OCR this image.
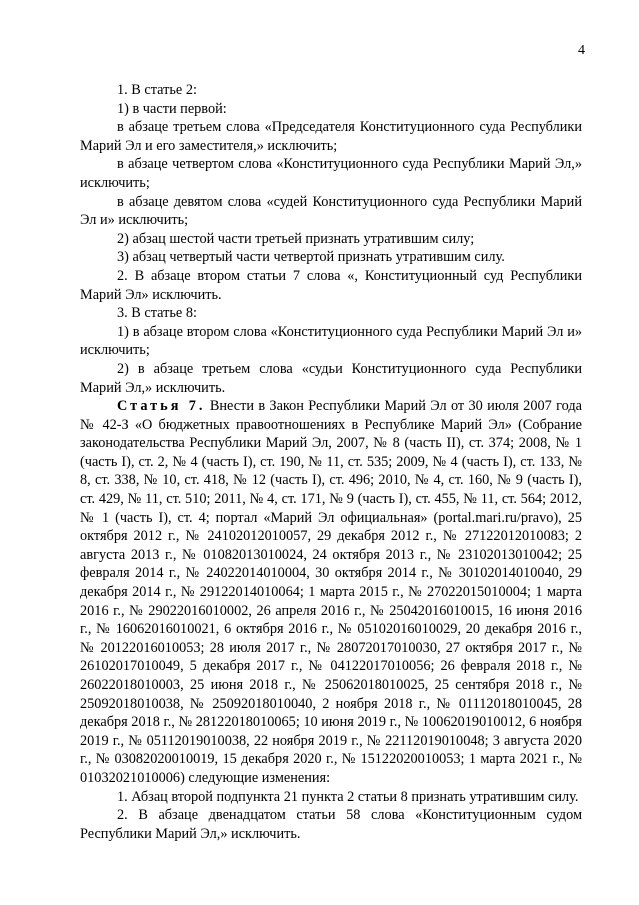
4

1. В статье 2:

1) в части первой:

в абзаце третьем слова «Председателя Конституционного суда Республики Марий Эл и его заместителя,» исключить;

в абзаце четвертом слова «Конституционного суда Республики Марий Эл,» исключить;

в абзаце девятом слова «судей Конституционного суда Республики Марий Эл и» исключить;

2) абзац шестой части третьей признать утратившим силу;

3) абзац четвертый части четвертой признать утратившим силу.

2. В абзаце втором статьи 7 слова «, Конституционный суд Республики Марий Эл» исключить.

3. В статье 8:

1) в абзаце втором слова «Конституционного суда Республики Марий Эл и» исключить;

2) в абзаце третьем слова «судьи Конституционного суда Республики Марий Эл,» исключить.

Статья 7. Внести в Закон Республики Марий Эл от 30 июля 2007 года № 42-З «О бюджетных правоотношениях в Республике Марий Эл» (Собрание законодательства Республики Марий Эл, 2007, № 8 (часть II), ст. 374; 2008, № 1 (часть I), ст. 2, № 4 (часть I), ст. 190, № 11, ст. 535; 2009, № 4 (часть I), ст. 133, № 8, ст. 338, № 10, ст. 418, № 12 (часть I), ст. 496; 2010, № 4, ст. 160, № 9 (часть I), ст. 429, № 11, ст. 510; 2011, № 4, ст. 171, № 9 (часть I), ст. 455, № 11, ст. 564; 2012, № 1 (часть I), ст. 4; портал «Марий Эл официальная» (portal.mari.ru/pravo), 25 октября 2012 г., № 24102012010057, 29 декабря 2012 г., № 27122012010083; 2 августа 2013 г., № 01082013010024, 24 октября 2013 г., № 23102013010042; 25 февраля 2014 г., № 24022014010004, 30 октября 2014 г., № 30102014010040, 29 декабря 2014 г., № 29122014010064; 1 марта 2015 г., № 27022015010004; 1 марта 2016 г., № 29022016010002, 26 апреля 2016 г., № 25042016010015, 16 июня 2016 г., № 16062016010021, 6 октября 2016 г., № 05102016010029, 20 декабря 2016 г., № 20122016010053; 28 июля 2017 г., № 28072017010030, 27 октября 2017 г., № 26102017010049, 5 декабря 2017 г., № 04122017010056; 26 февраля 2018 г., № 26022018010003, 25 июня 2018 г., № 25062018010025, 25 сентября 2018 г., № 25092018010038, № 25092018010040, 2 ноября 2018 г., № 01112018010045, 28 декабря 2018 г., № 28122018010065; 10 июня 2019 г., № 10062019010012, 6 ноября 2019 г., № 05112019010038, 22 ноября 2019 г., № 22112019010048; 3 августа 2020 г., № 03082020010019, 15 декабря 2020 г., № 15122020010053; 1 марта 2021 г., № 01032021010006) следующие изменения:

1. Абзац второй подпункта 21 пункта 2 статьи 8 признать утратившим силу.

2. В абзаце двенадцатом статьи 58 слова «Конституционным судом Республики Марий Эл,» исключить.
